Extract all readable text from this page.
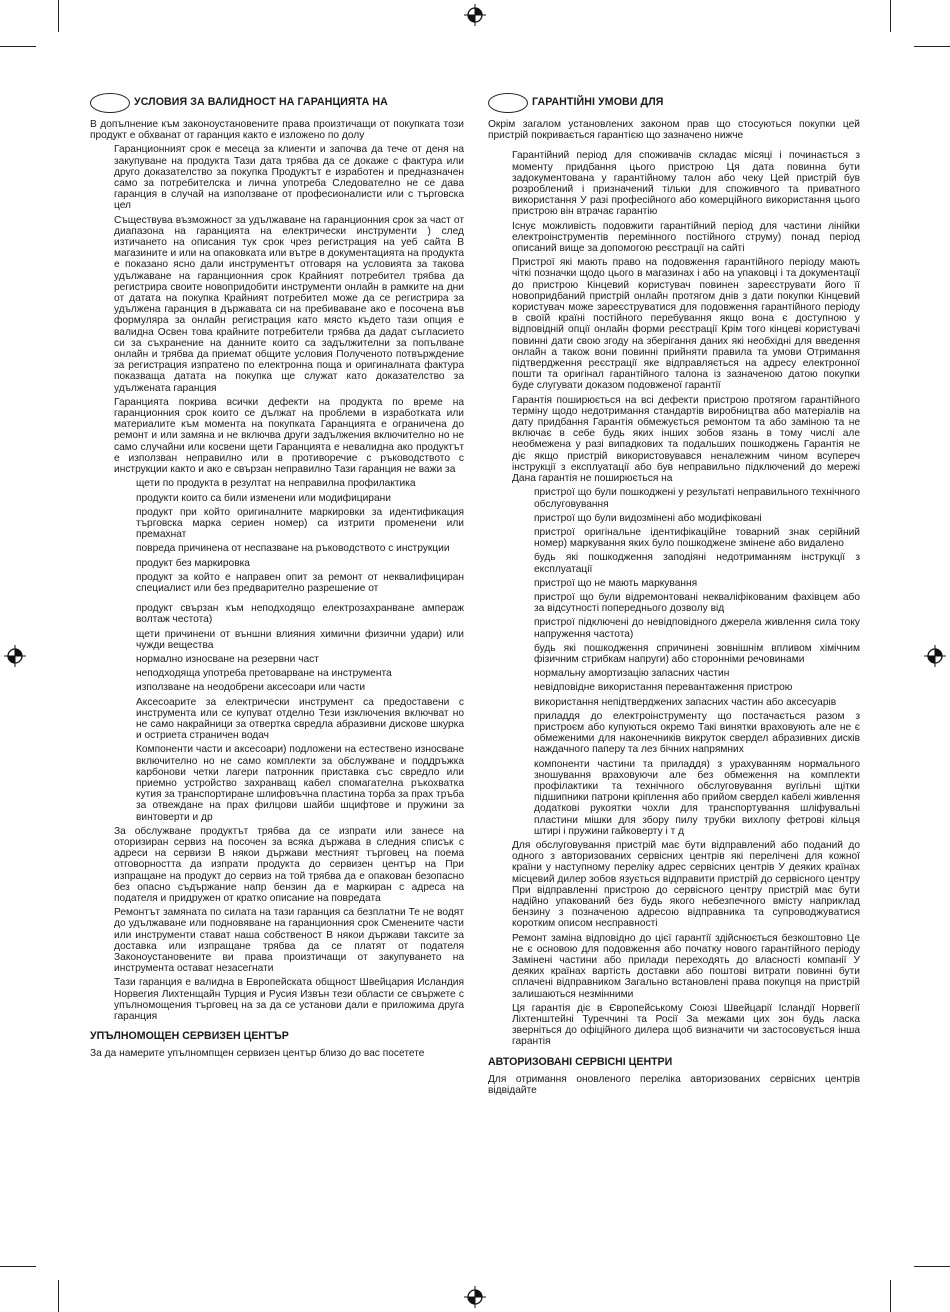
УСЛОВИЯ ЗА ВАЛИДНОСТ НА ГАРАНЦИЯТА НА

В допълнение към законоустановените права произтичащи от покупката този продукт е обхванат от гаранция както е изложено по долу

Гаранционният срок е месеца за клиенти и започва да тече от деня на закупуване на продукта Тази дата трябва да се докаже с фактура или друго доказателство за покупка Продуктът е изработен и предназначен само за потребителска и лична употреба Следователно не се дава гаранция в случай на използване от професионалисти или с търговска цел

Съществува възможност за удължаване на гаранционния срок за част от диапазона на гаранцията на електрически инструменти ) след изтичането на описания тук срок чрез регистрация на уеб сайта В магазините и или на опаковката или вътре в документацията на продукта е показано ясно дали инструментът отговаря на условията за такова удължаване на гаранционния срок Крайният потребител трябва да регистрира своите новопридобити инструменти онлайн в рамките на дни от датата на покупка Крайният потребител може да се регистрира за удължена гаранция в държавата си на пребиваване ако е посочена във формуляра за онлайн регистрация като място където тази опция е валидна Освен това крайните потребители трябва да дадат съгласието си за съхранение на данните които са задължителни за попълване онлайн и трябва да приемат общите условия Полученото потвърждение за регистрация изпратено по електронна поща и оригиналната фактура показваща датата на покупка ще служат като доказателство за удължената гаранция

Гаранцията покрива всички дефекти на продукта по време на гаранционния срок които се дължат на проблеми в изработката или материалите към момента на покупката Гаранцията е ограничена до ремонт и или замяна и не включва други задължения включително но не само случайни или косвени щети Гаранцията е невалидна ако продуктът е използван неправилно или в противоречие с ръководството с инструкции както и ако е свързан неправилно Тази гаранция не важи за

щети по продукта в резултат на неправилна профилактика

продукти които са били изменени или модифицирани

продукт при който оригиналните маркировки за идентификация търговска марка сериен номер) са изтрити променени или премахнат

повреда причинена от неспазване на ръководството с инструкции

продукт без маркировка

продукт за който е направен опит за ремонт от неквалифициран специалист или без предварително разрешение от

продукт свързан към неподходящо електрозахранване ампераж волтаж честота)

щети причинени от външни влияния химични физични удари) или чужди вещества

нормално износване на резервни част

неподходяща употреба претоварване на инструмента

използване на неодобрени аксесоари или части

Аксесоарите за електрически инструмент са предоставени с инструмента или се купуват отделно Тези изключения включват но не само накрайници за отвертка свредла абразивни дискове шкурка и остриета страничен водач

Компоненти части и аксесоари) подложени на естествено износване включително но не само комплекти за обслужване и поддръжка карбонови четки лагери патронник приставка със свредло или приемно устройство захранващ кабел спомагателна ръкохватка кутия за транспортиране шлифовъчна пластина торба за прах тръба за отвеждане на прах филцови шайби шцифтове и пружини за винтоверти и др

За обслужване продуктът трябва да се изпрати или занесе на оторизиран сервиз на посочен за всяка държава в следния списък с адреси на сервизи В някои държави местният търговец на поема отговорността да изпрати продукта до сервизен център на При изпращане на продукт до сервиз на той трябва да е опакован безопасно без опасно съдържание напр бензин да е маркиран с адреса на подателя и придружен от кратко описание на повредата

Ремонтът замяната по силата на тази гаранция са безплатни Те не водят до удължаване или подновяване на гаранционния срок Сменените части или инструменти стават наша собственост В някои държави таксите за доставка или изпращане трябва да се платят от подателя Законоустановените ви права произтичащи от закупуването на инструмента остават незасегнати

Тази гаранция е валидна в Европейската общност Швейцария Исландия Норвегия Лихтенщайн Турция и Русия Извън тези области се свържете с упълномощения търговец на за да се установи дали е приложима друга гаранция

УПЪЛНОМОЩЕН СЕРВИЗЕН ЦЕНТЪР

За да намерите упълномпщен сервизен център близо до вас посетете

ГАРАНТІЙНІ УМОВИ ДЛЯ

Окрім загалом установлених законом прав що стосуються покупки цей пристрій покривається гарантією що зазначено нижче

Гарантійний період для споживачів складає місяці і починається з моменту придбання цього пристрою Ця дата повинна бути задокументована у гарантійному талон або чеку Цей пристрій був розроблений і призначений тільки для споживчого та приватного використання У разі професійного або комерційного використання цього пристрою він втрачає гарантію

Існує можливість подовжити гарантійний період для частини лінійки електроінструментів перемінного постійного струму) понад період описаний вище за допомогою реєстрації на сайті

Пристрої які мають право на подовження гарантійного періоду мають чіткі позначки щодо цього в магазинах і або на упаковці і та документації до пристрою Кінцевий користувач повинен зареєструвати його її новопридбаний пристрій онлайн протягом днів з дати покупки Кінцевий користувач може зареєструватися для подовження гарантійного періоду в своїй країні постійного перебування якщо вона є доступною у відповідній опції онлайн форми реєстрації Крім того кінцеві користувачі повинні дати свою згоду на зберігання даних які необхідні для введення онлайн а також вони повинні прийняти правила та умови Отримання підтвердження реєстрації яке відправляється на адресу електронної пошти та оригінал гарантійного талона із зазначеною датою покупки буде слугувати доказом подовженої гарантії

Гарантія поширюється на всі дефекти пристрою протягом гарантійного терміну щодо недотримання стандартів виробництва або матеріалів на дату придбання Гарантія обмежується ремонтом та або заміною та не включає в себе будь яких інших зобов язань в тому числі але необмежена у разі випадкових та подальших пошкоджень Гарантія не діє якщо пристрій використовувався неналежним чином всупереч інструкції з експлуатації або був неправильно підключений до мережі Дана гарантія не поширюється на

пристрої що були пошкоджені у результаті неправильного технічного обслуговування

пристрої що були видозмінені або модифіковані

пристрої оригінальне ідентифікаційне товарний знак серійний номер) маркування яких було пошкоджене змінене або видалено

будь які пошкодження заподіяні недотриманням інструкції з експлуатації

пристрої що не мають маркування

пристрої що були відремонтовані некваліфікованим фахівцем або за відсутності попереднього дозволу від

пристрої підключені до невідповідного джерела живлення сила току напруження частота)

будь які пошкодження спричинені зовнішнім впливом хімічним фізичним стрибкам напруги) або сторонніми речовинами

нормальну амортизацію запасних частин

невідповідне використання перевантаження пристрою

використання непідтверджених запасних частин або аксесуарів

приладдя до електроінструменту що постачається разом з пристроєм або купуються окремо Такі винятки враховують але не є обмеженими для наконечників викруток свердел абразивних дисків наждачного паперу та лез бічних напрямних

компоненти частини та приладдя) з урахуванням нормального зношування враховуючи але без обмеження на комплекти профілактики та технічного обслуговування вугільні щітки підшипники патрони кріплення або прийом свердел кабелі живлення додаткові рукоятки чохли для транспортування шліфувальні пластини мішки для збору пилу трубки вихлопу фетрові кільця штирі і пружини гайковерту і т д

Для обслуговування пристрій має бути відправлений або поданий до одного з авторизованих сервісних центрів які перелічені для кожної країни у наступному переліку адрес сервісних центрів У деяких країнах місцевий дилер зобов язується відправити пристрій до сервісного центру При відправленні пристрою до сервісного центру пристрій має бути надійно упакований без будь якого небезпечного вмісту наприклад бензину з позначеною адресою відправника та супроводжуватися коротким описом несправності

Ремонт заміна відповідно до цієї гарантії здійснюється безкоштовно Це не є основою для подовження або початку нового гарантійного періоду Замінені частини або прилади переходять до власності компанії У деяких країнах вартість доставки або поштові витрати повинні бути сплачені відправником Загально встановлені права покупця на пристрій залишаються незмінними

Ця гарантія діє в Європейському Союзі Швейцарії Ісландії Норвегії Ліхтенштейні Туреччині та Росії За межами цих зон будь ласка зверніться до офіційного дилера щоб визначити чи застосовується інша гарантія

АВТОРИЗОВАНІ СЕРВІСНІ ЦЕНТРИ

Для отримання оновленого переліка авторизованих сервісних центрів відвідайте
